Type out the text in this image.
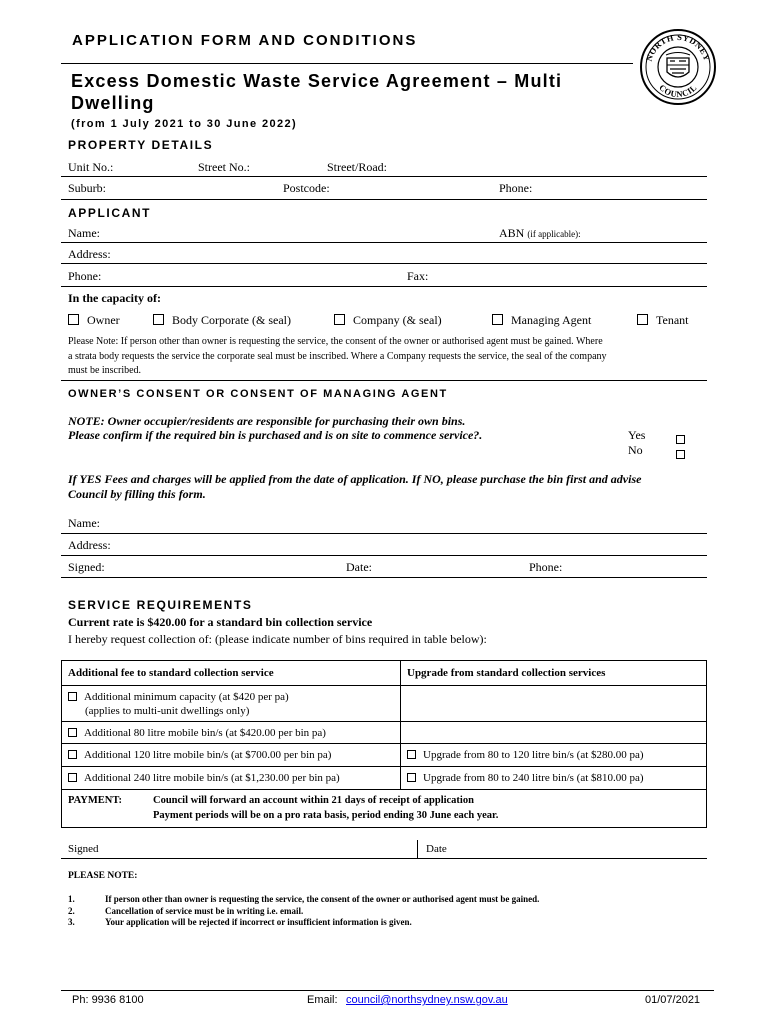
APPLICATION FORM AND CONDITIONS
Excess Domestic Waste Service Agreement – Multi
Dwelling
(from 1 July 2021 to 30 June 2022)
NORTH SYDNEY
COUNCIL
PROPERTY DETAILS
Unit No.:	Street No.:	Street/Road:
Suburb:	Postcode:	Phone:
APPLICANT
Name:	ABN (if applicable):
Address:
Phone:	Fax:
In the capacity of:
Owner	Body Corporate (& seal)	Company (& seal)	Managing Agent	Tenant
Please Note: If person other than owner is requesting the service, the consent of the owner or authorised agent must be gained. Where
a strata body requests the service the corporate seal must be inscribed. Where a Company requests the service, the seal of the company
must be inscribed.
OWNER’S CONSENT OR CONSENT OF MANAGING AGENT
NOTE: Owner occupier/residents are responsible for purchasing their own bins.
Please confirm if the required bin is purchased and is on site to commence service?.	Yes
No
If YES Fees and charges will be applied from the date of application. If NO, please purchase the bin first and advise
Council by filling this form.
Name:
Address:
Signed:	Date:	Phone:
SERVICE REQUIREMENTS
Current rate is $420.00 for a standard bin collection service
I hereby request collection of: (please indicate number of bins required in table below):
Additional fee to standard collection service	Upgrade from standard collection services

Additional minimum capacity (at $420 per pa)
(applies to multi-unit dwellings only)	

Additional 80 litre mobile bin/s (at $420.00 per bin pa)	
Additional 120 litre mobile bin/s (at $700.00 per bin pa)	Upgrade from 80 to 120 litre bin/s (at $280.00 pa)
Additional 240 litre mobile bin/s (at $1,230.00 per bin pa)	Upgrade from 80 to 240 litre bin/s (at $810.00 pa)

PAYMENT: Council will forward an account within 21 days of receipt of application
Payment periods will be on a pro rata basis, period ending 30 June each year.	
Signed	Date
PLEASE NOTE:
1.	If person other than owner is requesting the service, the consent of the owner or authorised agent must be gained.
2.	Cancellation of service must be in writing i.e. email.
3.	Your application will be rejected if incorrect or insufficient information is given.
Ph: 9936 8100	Email: council@northsydney.nsw.gov.au	01/07/2021
